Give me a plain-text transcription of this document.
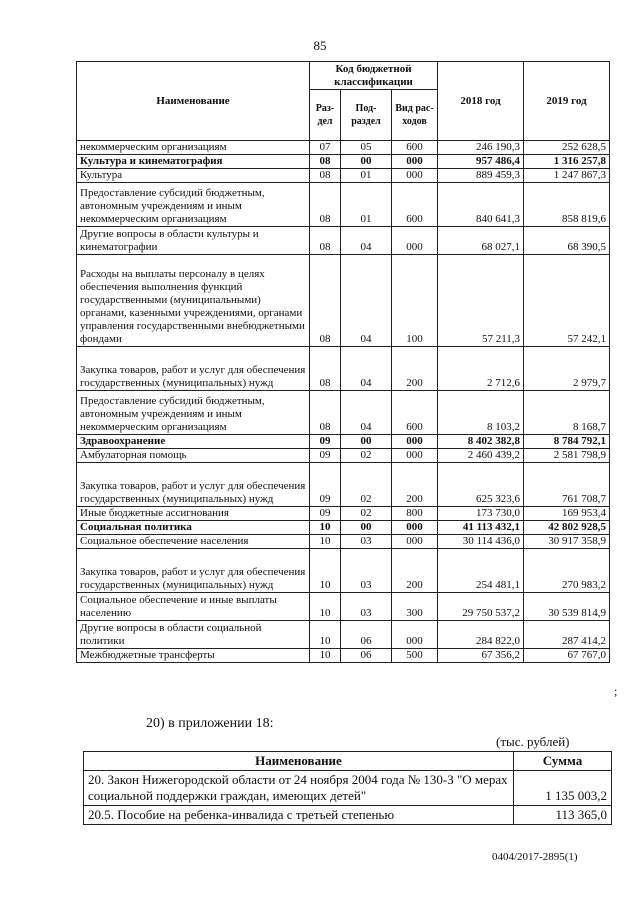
85
Наименование	Код бюджетной классификации			2018 год	2019 год
	Раз-дел	Под-раздел	Вид рас-ходов		
некоммерческим организациям	07	05	600	246 190,3	252 628,5
Культура и кинематография	08	00	000	957 486,4	1 316 257,8
Культура	08	01	000	889 459,3	1 247 867,3
Предоставление субсидий бюджетным, автономным учреждениям и иным некоммерческим организациям	08	01	600	840 641,3	858 819,6
Другие вопросы в области культуры и кинематографии	08	04	000	68 027,1	68 390,5
Расходы на выплаты персоналу в целях обеспечения выполнения функций государственными (муниципальными) органами, казенными учреждениями, органами управления государственными внебюджетными фондами	08	04	100	57 211,3	57 242,1
Закупка товаров, работ и услуг для обеспечения государственных (муниципальных) нужд	08	04	200	2 712,6	2 979,7
Предоставление субсидий бюджетным, автономным учреждениям и иным некоммерческим организациям	08	04	600	8 103,2	8 168,7
Здравоохранение	09	00	000	8 402 382,8	8 784 792,1
Амбулаторная помощь	09	02	000	2 460 439,2	2 581 798,9
Закупка товаров, работ и услуг для обеспечения государственных (муниципальных) нужд	09	02	200	625 323,6	761 708,7
Иные бюджетные ассигнования	09	02	800	173 730,0	169 953,4
Социальная политика	10	00	000	41 113 432,1	42 802 928,5
Социальное обеспечение населения	10	03	000	30 114 436,0	30 917 358,9
Закупка товаров, работ и услуг для обеспечения государственных (муниципальных) нужд	10	03	200	254 481,1	270 983,2
Социальное обеспечение и иные выплаты населению	10	03	300	29 750 537,2	30 539 814,9
Другие вопросы в области социальной политики	10	06	000	284 822,0	287 414,2
Межбюджетные трансферты	10	06	500	67 356,2	67 767,0
;
20) в приложении 18:
(тыс. рублей)
Наименование	Сумма
20. Закон Нижегородской области от 24 ноября 2004 года № 130-З "О мерах социальной поддержки граждан, имеющих детей"	1 135 003,2
20.5. Пособие на ребенка-инвалида с третьей степенью	113 365,0
0404/2017-2895(1)
